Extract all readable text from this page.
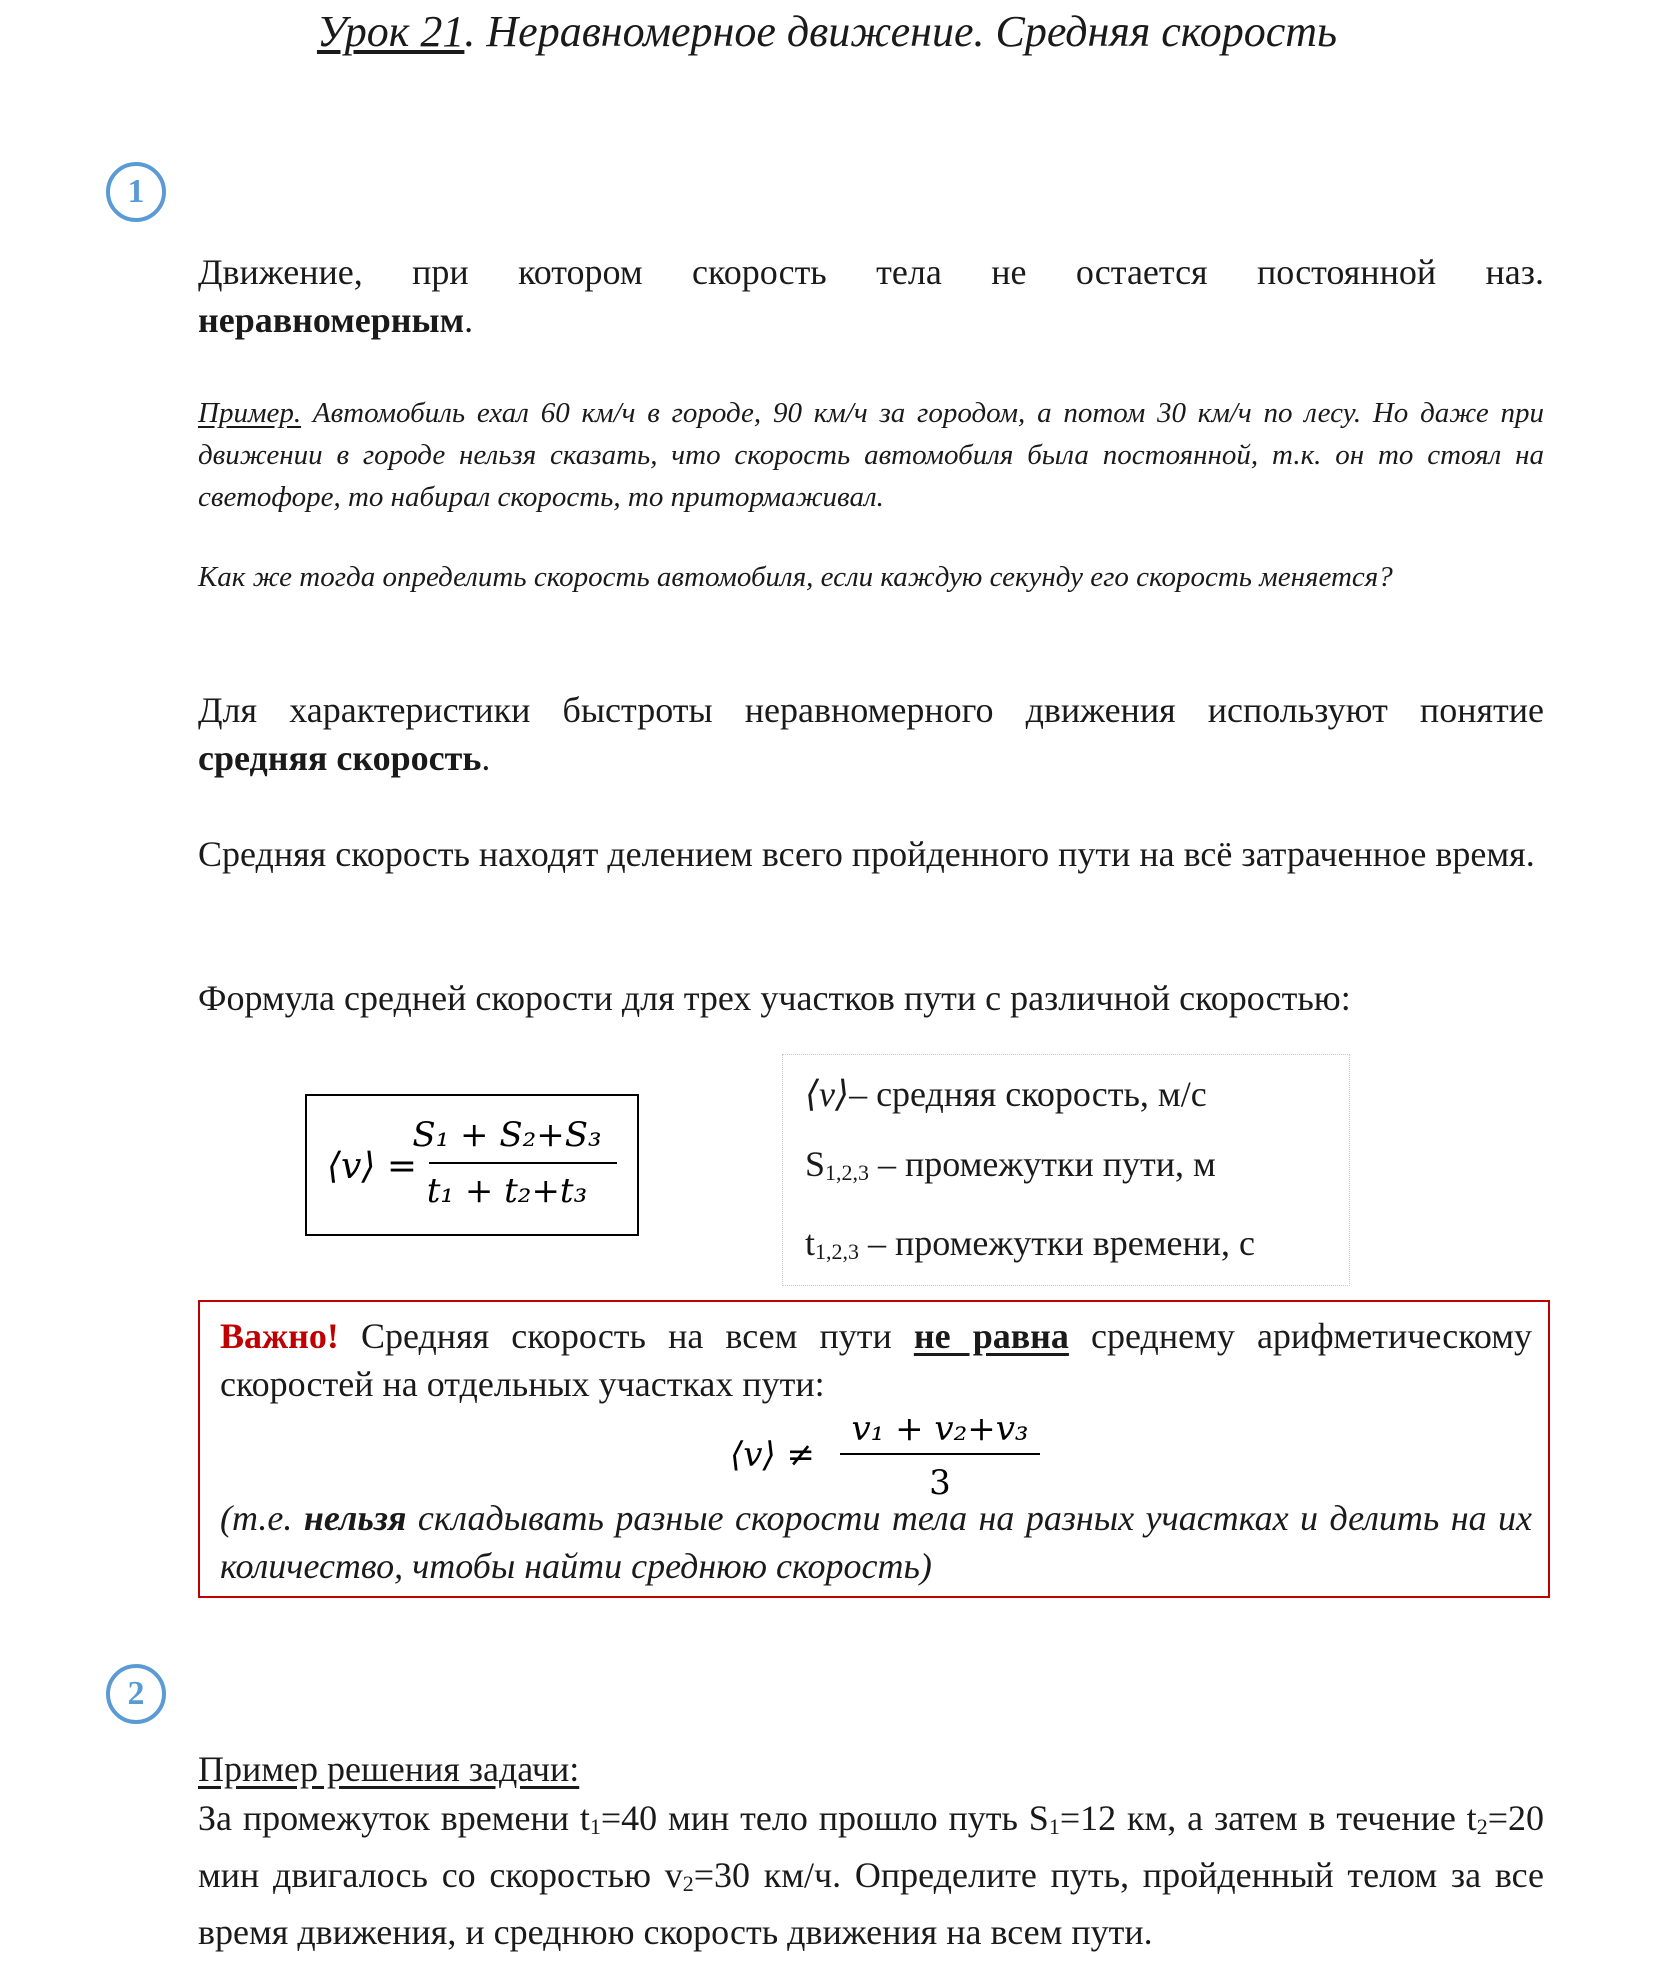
Урок 21. Неравномерное движение. Средняя скорость
1
Движение, при котором скорость тела не остается постоянной наз.
неравномерным.
Пример. Автомобиль ехал 60 км/ч в городе, 90 км/ч за городом, а потом 30 км/ч по лесу. Но даже при движении в городе нельзя сказать, что скорость автомобиля была постоянной, т.к. он то стоял на светофоре, то набирал скорость, то притормаживал.
Как же тогда определить скорость автомобиля, если каждую секунду его скорость меняется?
Для характеристики быстроты неравномерного движения используют понятие
средняя скорость.
Средняя скорость находят делением всего пройденного пути на всё затраченное время.
Формула средней скорости для трех участков пути с различной скоростью:
⟨v⟩ =
S₁ + S₂+S₃
t₁ + t₂+t₃
⟨v⟩– средняя скорость, м/с
$S_{1,2,3}$ – промежутки пути, м
$t_{1,2,3}$ – промежутки времени, с
Важно! Средняя скорость на всем пути не равна среднему арифметическому скоростей на отдельных участках пути:
⟨v⟩ ≠
v₁ + v₂+v₃
3
(т.е. нельзя складывать разные скорости тела на разных участках и делить на их количество, чтобы найти среднюю скорость)
2
Пример решения задачи:
За промежуток времени $t_1=40$ мин тело прошло путь $S_1=12$ км, а затем в течение $t_2=20$ мин двигалось со скоростью $v_2=30$ км/ч. Определите путь, пройденный телом за все время движения, и среднюю скорость движения на всем пути.
